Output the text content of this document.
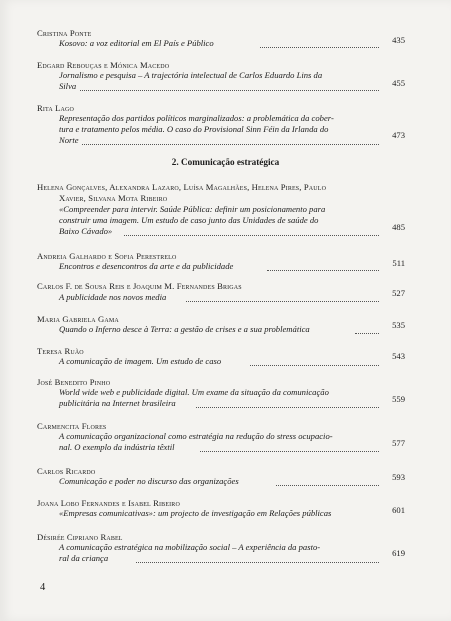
Cristina Ponte
Kosovo: a voz editorial em El País e Público	435
Edgard Rebouças e Mónica Macedo
Jornalismo e pesquisa – A trajectória intelectual de Carlos Eduardo Lins da
Silva	455
Rita Lago
Representação dos partidos políticos marginalizados: a problemática da cober-
tura e tratamento pelos média. O caso do Provisional Sinn Féin da Irlanda do
Norte	473
2. Comunicação estratégica
Helena Gonçalves, Alexandra Lazaro, Luísa Magalhães, Helena Pires, Paulo
Xavier, Silvana Mota Ribeiro
«Compreender para intervir. Saúde Pública: definir um posicionamento para
construir uma imagem. Um estudo de caso junto das Unidades de saúde do
Baixo Cávado»	485
Andreia Galhardo e Sofia Perestrelo
Encontros e desencontros da arte e da publicidade	511
Carlos F. de Sousa Reis e Joaquim M. Fernandes Brigas
A publicidade nos novos media	527
Maria Gabriela Gama
Quando o Inferno desce à Terra: a gestão de crises e a sua problemática	535
Teresa Ruão
A comunicação de imagem. Um estudo de caso	543
José Benedito Pinho
World wide web e publicidade digital. Um exame da situação da comunicação
publicitária na Internet brasileira	559
Carmencita Flores
A comunicação organizacional como estratégia na redução do stress ocupacio-
nal. O exemplo da indústria têxtil	577
Carlos Ricardo
Comunicação e poder no discurso das organizações	593
Joana Lobo Fernandes e Isabel Ribeiro
«Empresas comunicativas»: um projecto de investigação em Relações públicas	601
Désirée Cipriano Rabel
A comunicação estratégica na mobilização social – A experiência da pasto-
ral da criança	619
4
